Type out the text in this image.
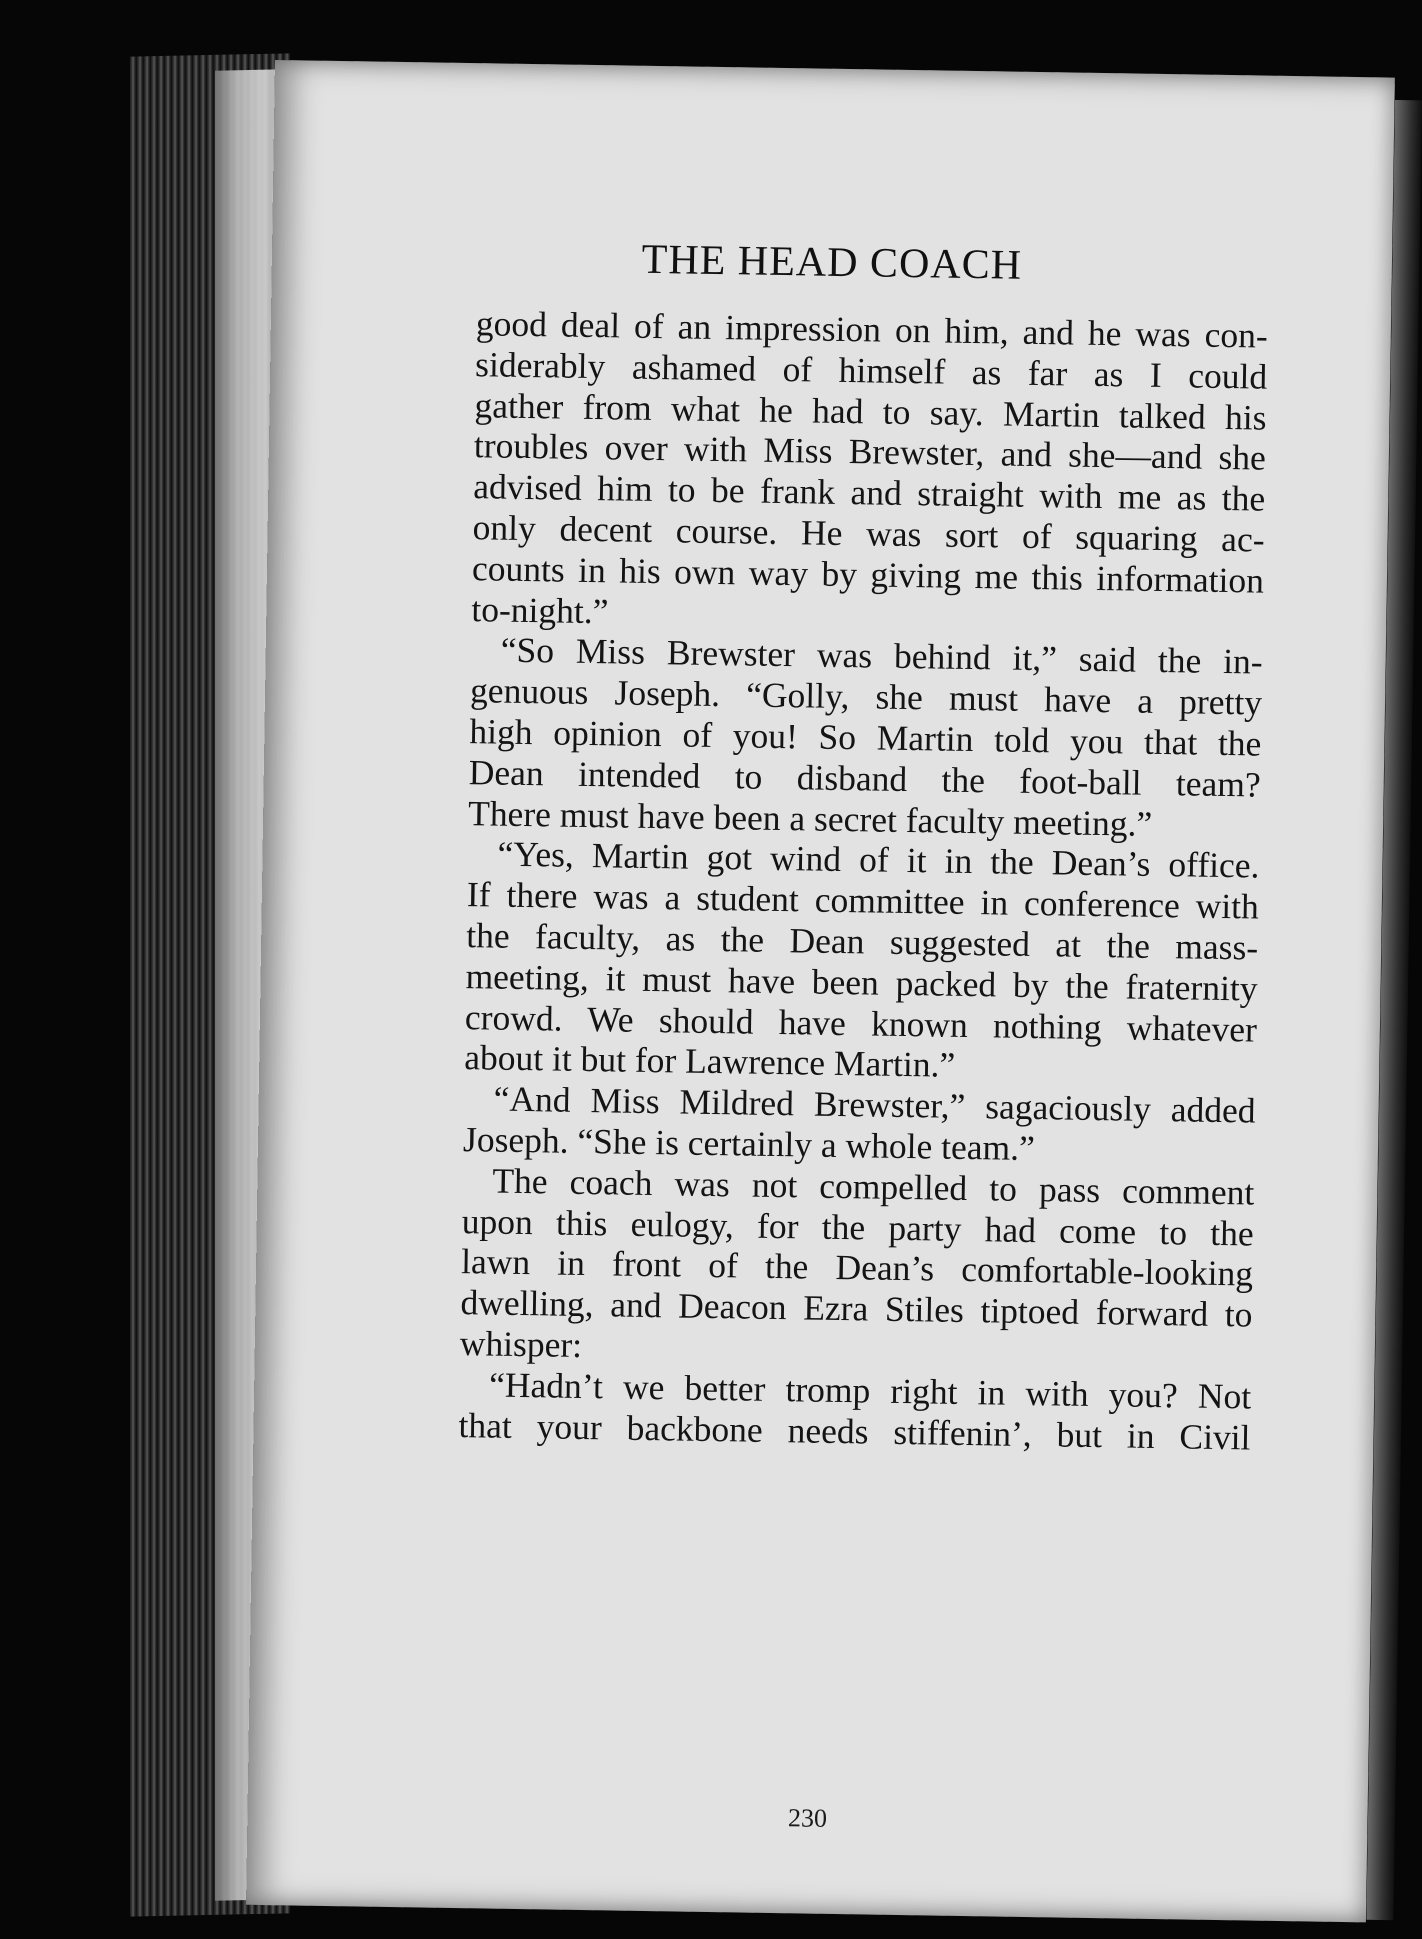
THE HEAD COACH
good deal of an impression on him, and he was con-
siderably ashamed of himself as far as I could
gather from what he had to say. Martin talked his
troubles over with Miss Brewster, and she—and she
advised him to be frank and straight with me as the
only decent course. He was sort of squaring ac-
counts in his own way by giving me this information
to-night.”
“So Miss Brewster was behind it,” said the in-
genuous Joseph. “Golly, she must have a pretty
high opinion of you! So Martin told you that the
Dean intended to disband the foot-ball team?
There must have been a secret faculty meeting.”
“Yes, Martin got wind of it in the Dean’s office.
If there was a student committee in conference with
the faculty, as the Dean suggested at the mass-
meeting, it must have been packed by the fraternity
crowd. We should have known nothing whatever
about it but for Lawrence Martin.”
“And Miss Mildred Brewster,” sagaciously added
Joseph. “She is certainly a whole team.”
The coach was not compelled to pass comment
upon this eulogy, for the party had come to the
lawn in front of the Dean’s comfortable-looking
dwelling, and Deacon Ezra Stiles tiptoed forward to
whisper:
“Hadn’t we better tromp right in with you? Not
that your backbone needs stiffenin’, but in Civil
230
